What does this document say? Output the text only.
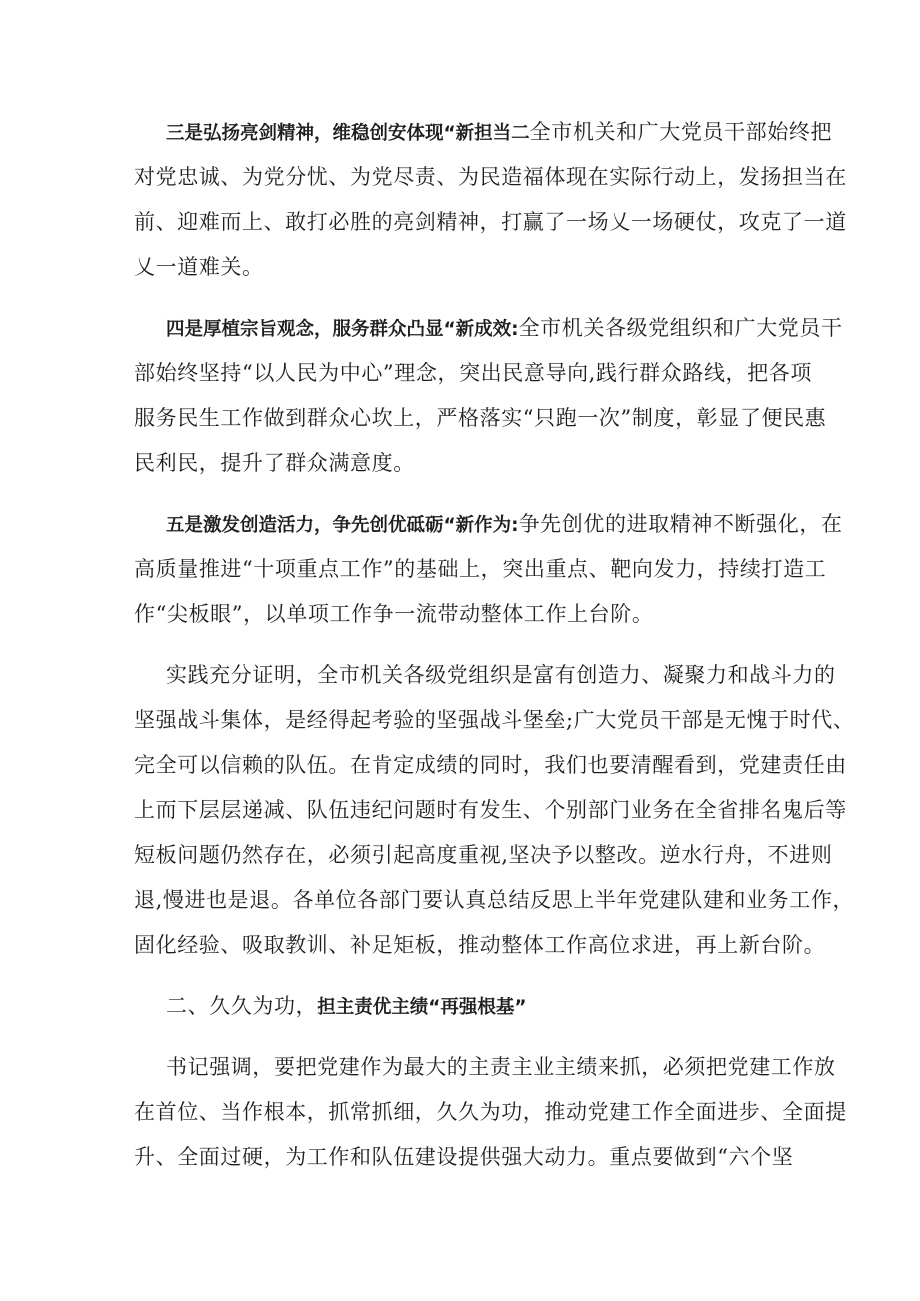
三是弘扬亮剑精神，维稳创安体现“新担当二全市机关和广大党员干部始终把
对党忠诚、为党分忧、为党尽责、为民造福体现在实际行动上，发扬担当在
前、迎难而上、敢打必胜的亮剑精神，打赢了一场乂一场硬仗，攻克了一道
乂一道难关。
四是厚植宗旨观念，服务群众凸显“新成效:全市机关各级党组织和广大党员干
部始终坚持“以人民为中心”理念，突出民意导向,践行群众路线，把各项
服务民生工作做到群众心坎上，严格落实“只跑一次”制度，彰显了便民惠
民利民，提升了群众满意度。
五是激发创造活力，争先创优砥砺“新作为:争先创优的进取精神不断强化，在
高质量推进“十项重点工作”的基础上，突出重点、靶向发力，持续打造工
作“尖板眼”，以单项工作争一流带动整体工作上台阶。
实践充分证明，全市机关各级党组织是富有创造力、凝聚力和战斗力的
坚强战斗集体，是经得起考验的坚强战斗堡垒;广大党员干部是无愧于时代、
完全可以信赖的队伍。在肯定成绩的同时，我们也要清醒看到，党建责任由
上而下层层递减、队伍违纪问题时有发生、个别部门业务在全省排名鬼后等
短板问题仍然存在，必须引起高度重视,坚决予以整改。逆水行舟，不进则
退,慢进也是退。各单位各部门要认真总结反思上半年党建队建和业务工作，
固化经验、吸取教训、补足矩板，推动整体工作高位求进，再上新台阶。
二、久久为功，担主责优主绩“再强根基”
书记强调，要把党建作为最大的主责主业主绩来抓，必须把党建工作放
在首位、当作根本，抓常抓细，久久为功，推动党建工作全面进步、全面提
升、全面过硬，为工作和队伍建设提供强大动力。重点要做到“六个坚
